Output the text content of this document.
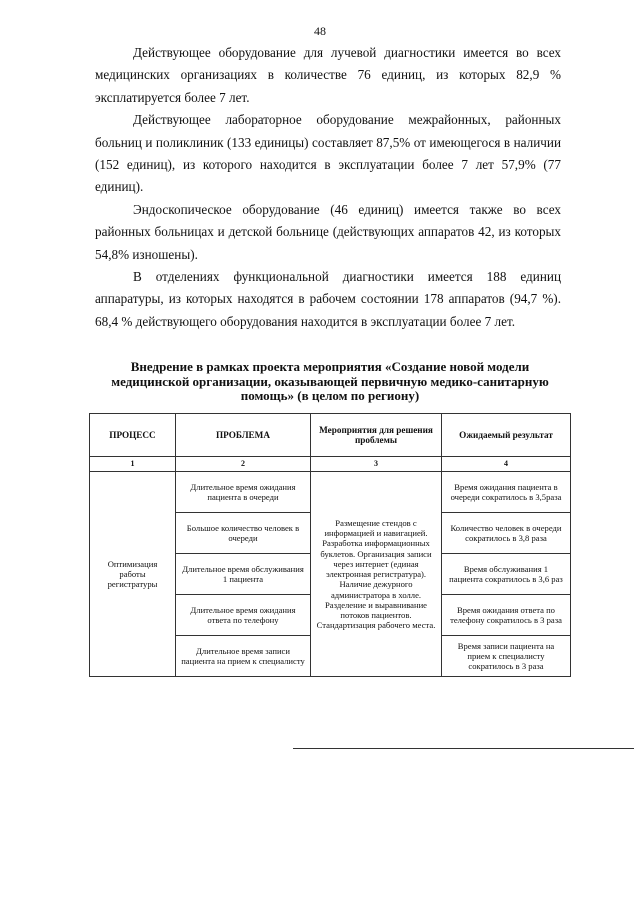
48

Действующее оборудование для лучевой диагностики имеется во всех медицинских организациях в количестве 76 единиц, из которых 82,9 % эксплатируется более 7 лет.

Действующее лабораторное оборудование межрайонных, районных больниц и поликлиник (133 единицы) составляет 87,5% от имеющегося в наличии (152 единиц), из которого находится в эксплуатации более 7 лет 57,9% (77 единиц).

Эндоскопическое оборудование (46 единиц) имеется также во всех районных больницах и детской больнице (действующих аппаратов 42, из которых 54,8% изношены).

В отделениях функциональной диагностики имеется 188 единиц аппаратуры, из которых находятся в рабочем состоянии 178 аппаратов (94,7 %). 68,4 % действующего оборудования находится в эксплуатации более 7 лет.

Внедрение в рамках проекта мероприятия «Создание новой модели медицинской организации, оказывающей первичную медико-санитарную помощь» (в целом по региону)
ПРОЦЕСС	ПРОБЛЕМА	Мероприятия для решения проблемы	Ожидаемый результат
1	2	3	4
Оптимизация работы регистратуры	Длительное время ожидания пациента в очереди	Размещение стендов с информацией и навигацией. Разработка информационных буклетов. Организация записи через интернет (единая электронная регистратура). Наличие дежурного администратора в холле. Разделение и выравнивание потоков пациентов. Стандартизация рабочего места.	Время ожидания пациента в очереди сократилось в 3,5раза
	Большое количество человек в очереди		Количество человек в очереди сократилось в 3,8 раза
	Длительное время обслуживания 1 пациента		Время обслуживания 1 пациента сократилось в 3,6 раз
	Длительное время ожидания ответа по телефону		Время ожидания ответа по телефону сократилось в 3 раза
	Длительное время записи пациента на прием к специалисту		Время записи пациента на прием к специалисту сократилось в 3 раза
